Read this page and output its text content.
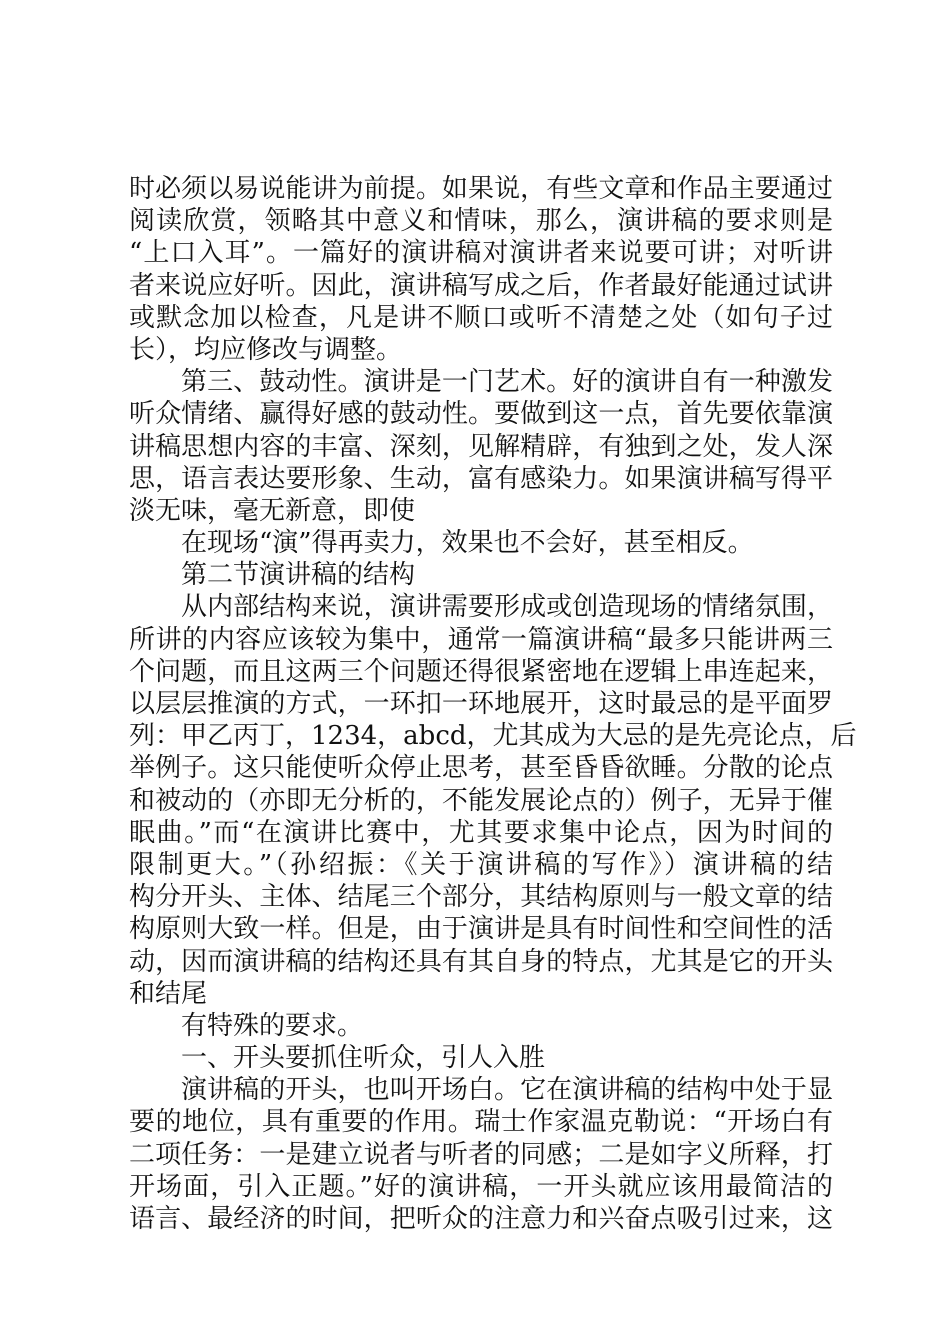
时必须以易说能讲为前提。如果说，有些文章和作品主要通过
阅读欣赏，领略其中意义和情味，那么，演讲稿的要求则是
“上口入耳”。一篇好的演讲稿对演讲者来说要可讲；对听讲
者来说应好听。因此，演讲稿写成之后，作者最好能通过试讲
或默念加以检查，凡是讲不顺口或听不清楚之处（如句子过
长），均应修改与调整。
第三、鼓动性。演讲是一门艺术。好的演讲自有一种激发
听众情绪、赢得好感的鼓动性。要做到这一点，首先要依靠演
讲稿思想内容的丰富、深刻，见解精辟，有独到之处，发人深
思，语言表达要形象、生动，富有感染力。如果演讲稿写得平
淡无味，毫无新意，即使
在现场“演”得再卖力，效果也不会好，甚至相反。
第二节演讲稿的结构
从内部结构来说，演讲需要形成或创造现场的情绪氛围，
所讲的内容应该较为集中，通常一篇演讲稿“最多只能讲两三
个问题，而且这两三个问题还得很紧密地在逻辑上串连起来，
以层层推演的方式，一环扣一环地展开，这时最忌的是平面罗
列：甲乙丙丁，1234，abcd，尤其成为大忌的是先亮论点，后
举例子。这只能使听众停止思考，甚至昏昏欲睡。分散的论点
和被动的（亦即无分析的，不能发展论点的）例子，无异于催
眠曲。”而“在演讲比赛中，尤其要求集中论点，因为时间的
限制更大。”（孙绍振：《关于演讲稿的写作》）演讲稿的结
构分开头、主体、结尾三个部分，其结构原则与一般文章的结
构原则大致一样。但是，由于演讲是具有时间性和空间性的活
动，因而演讲稿的结构还具有其自身的特点，尤其是它的开头
和结尾
有特殊的要求。
一、开头要抓住听众，引人入胜
演讲稿的开头，也叫开场白。它在演讲稿的结构中处于显
要的地位，具有重要的作用。瑞士作家温克勒说：“开场白有
二项任务：一是建立说者与听者的同感；二是如字义所释，打
开场面，引入正题。”好的演讲稿，一开头就应该用最简洁的
语言、最经济的时间，把听众的注意力和兴奋点吸引过来，这
